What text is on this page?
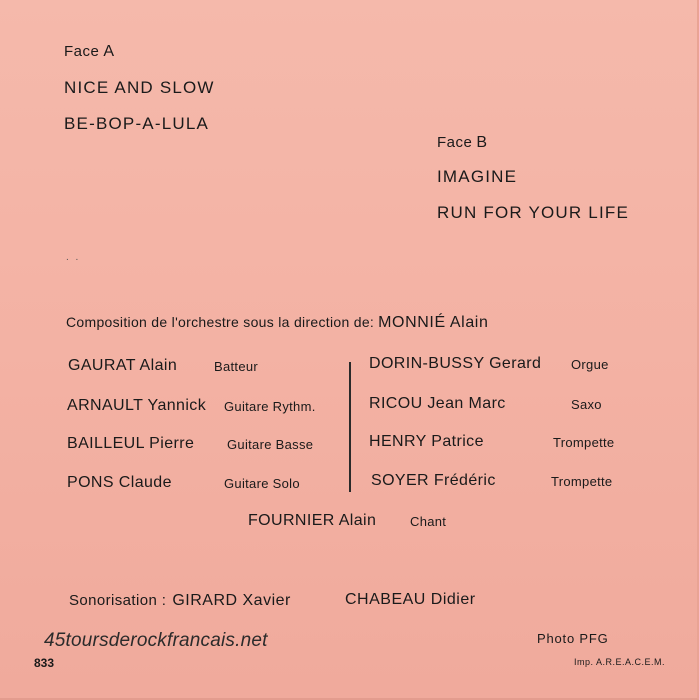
Face A
NICE AND SLOW
BE-BOP-A-LULA
Face B
IMAGINE
RUN FOR YOUR LIFE
. .
Composition de l'orchestre sous la direction de: MONNIÉ Alain
GAURAT Alain	Batteur
ARNAULT Yannick Guitare Rythm.
BAILLEUL Pierre	Guitare Basse
PONS Claude	Guitare Solo
DORIN-BUSSY Gerard Orgue
RICOU Jean Marc	Saxo
HENRY Patrice	Trompette
SOYER Frédéric	Trompette
FOURNIER Alain	Chant
Sonorisation : GIRARD Xavier	CHABEAU Didier
45toursderockfrancais.net
833
Photo PFG
Imp. A.R.E.A.C.E.M.
